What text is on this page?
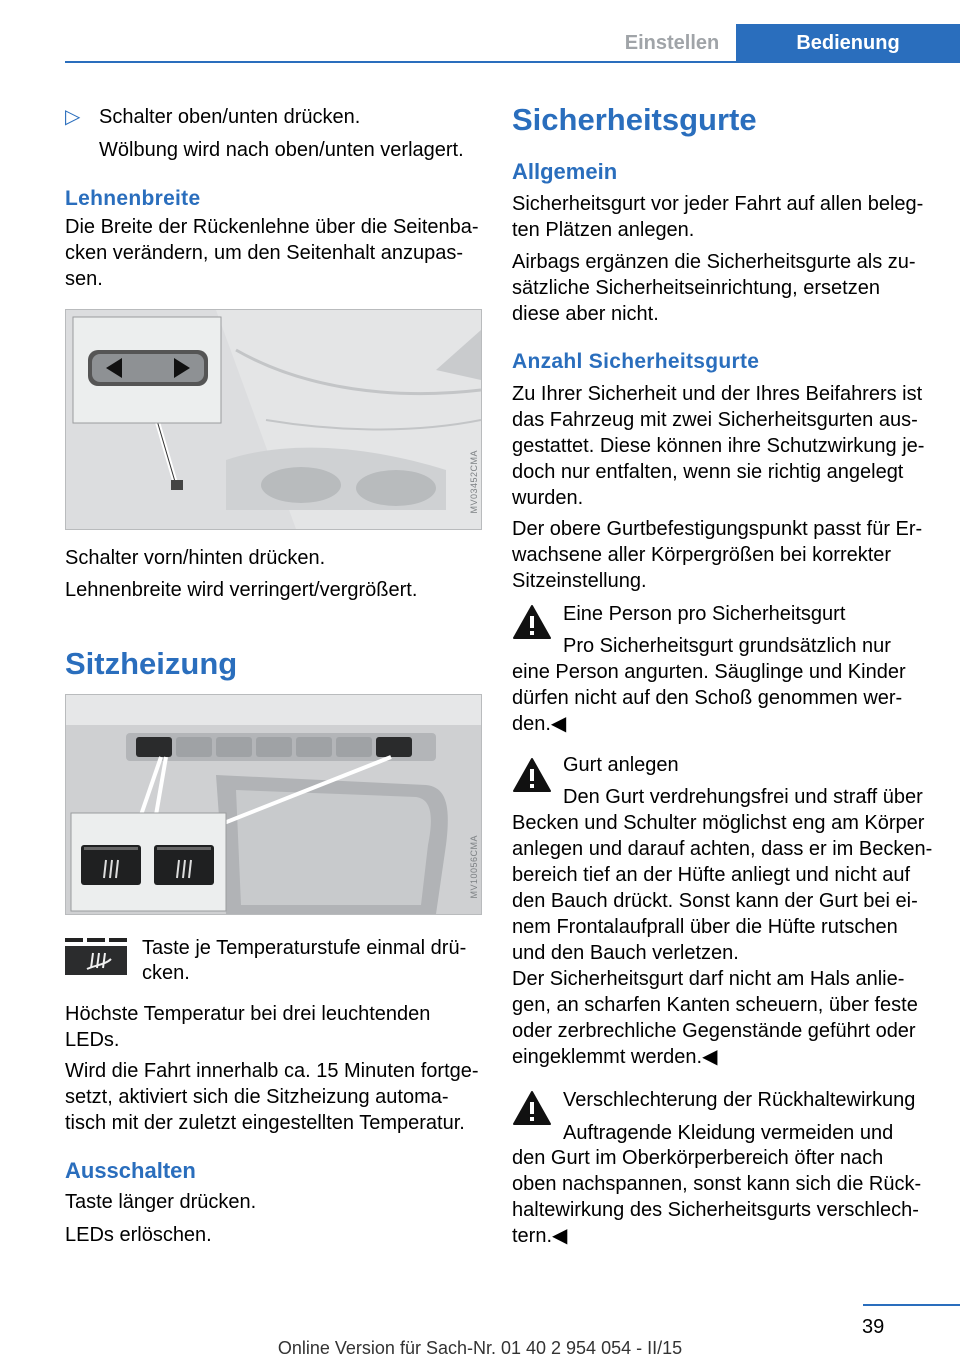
Einstellen	Bedienung
▷ Schalter oben/unten drücken.
Wölbung wird nach oben/unten verlagert.
Lehnenbreite

Die Breite der Rückenlehne über die Seitenba‐

cken verändern, um den Seitenhalt anzupas‐

sen.

MV03452CMA
Schalter vorn/hinten drücken.
Lehnenbreite wird verringert/vergrößert.
Sitzheizung
MV10056CMA
Taste je Temperaturstufe einmal drü‐
cken.

Höchste Temperatur bei drei leuchtenden

LEDs.

Wird die Fahrt innerhalb ca. 15 Minuten fortge‐

setzt, aktiviert sich die Sitzheizung automa‐

tisch mit der zuletzt eingestellten Temperatur.

Ausschalten
Taste länger drücken.
LEDs erlöschen.
Sicherheitsgurte
Allgemein

Sicherheitsgurt vor jeder Fahrt auf allen beleg‐

ten Plätzen anlegen.

Airbags ergänzen die Sicherheitsgurte als zu‐

sätzliche Sicherheitseinrichtung, ersetzen

diese aber nicht.

Anzahl Sicherheitsgurte

Zu Ihrer Sicherheit und der Ihres Beifahrers ist

das Fahrzeug mit zwei Sicherheitsgurten aus‐

gestattet. Diese können ihre Schutzwirkung je‐

doch nur entfalten, wenn sie richtig angelegt

wurden.

Der obere Gurtbefestigungspunkt passt für Er‐

wachsene aller Körpergrößen bei korrekter

Sitzeinstellung.

Eine Person pro Sicherheitsgurt
Pro Sicherheitsgurt grundsätzlich nur

eine Person angurten. Säuglinge und Kinder

dürfen nicht auf den Schoß genommen wer‐

den.◀

Gurt anlegen
Den Gurt verdrehungsfrei und straff über

Becken und Schulter möglichst eng am Körper

anlegen und darauf achten, dass er im Becken‐

bereich tief an der Hüfte anliegt und nicht auf

den Bauch drückt. Sonst kann der Gurt bei ei‐

nem Frontalaufprall über die Hüfte rutschen

und den Bauch verletzen.

Der Sicherheitsgurt darf nicht am Hals anlie‐

gen, an scharfen Kanten scheuern, über feste

oder zerbrechliche Gegenstände geführt oder

eingeklemmt werden.◀

Verschlechterung der Rückhaltewirkung
Auftragende Kleidung vermeiden und

den Gurt im Oberkörperbereich öfter nach

oben nachspannen, sonst kann sich die Rück‐

haltewirkung des Sicherheitsgurts verschlech‐

tern.◀

39
Online Version für Sach-Nr. 01 40 2 954 054 - II/15
